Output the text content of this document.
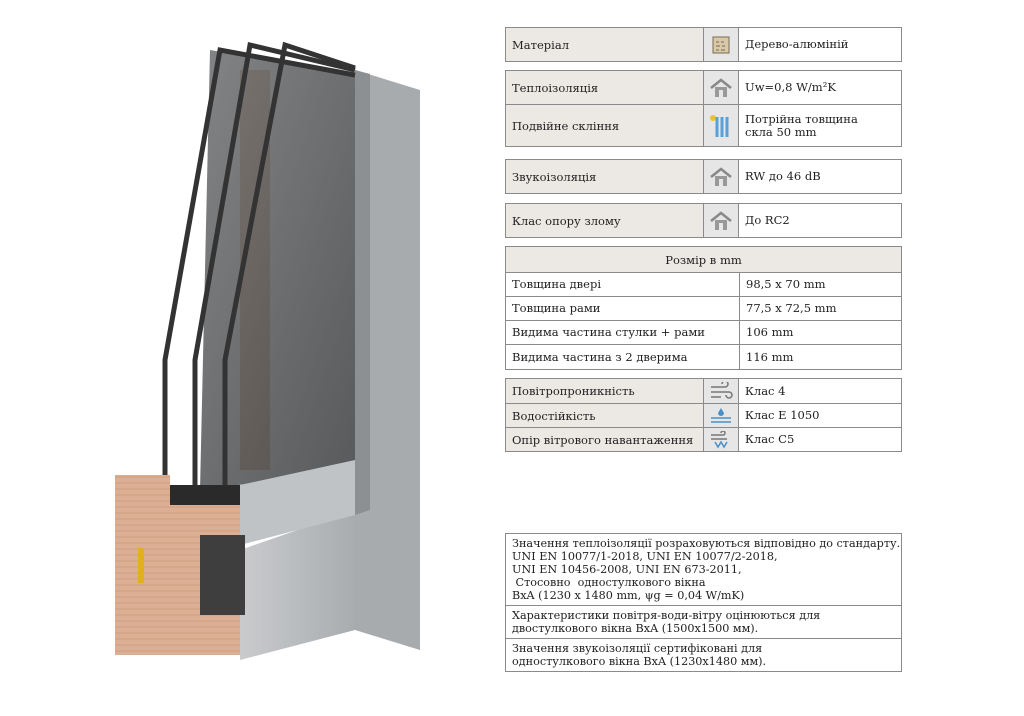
Матеріал	Дерево-алюміній
Теплоізоляція	Uw=0,8 W/m²K
Подвійне скління	Потрійна товщина скла 50 mm
Звукоізоляція	RW до 46 dB
Клас опору злому	До RC2
Розмір в mm
Товщина двері	98,5 x 70 mm
Товщина рами	77,5 x 72,5 mm
Видима частина стулки + рами	106 mm
Видима частина з 2 дверима	116 mm
Повітропроникність	Клас 4
Водостійкість	Клас E 1050
Опір вітрового навантаження	Клас C5
Значення теплоізоляції розраховуються відповідно до стандарту.
UNI EN 10077/1-2018, UNI EN 10077/2-2018,
UNI EN 10456-2008, UNI EN 673-2011,
Стосовно  одностулкового вікна
BxA (1230 x 1480 mm, ψg = 0,04 W/mK)
Характеристики повітря-води-вітру оцінюються для
двостулкового вікна BxA (1500x1500 мм).
Значення звукоізоляції сертифіковані для
одностулкового вікна BxA (1230x1480 мм).
